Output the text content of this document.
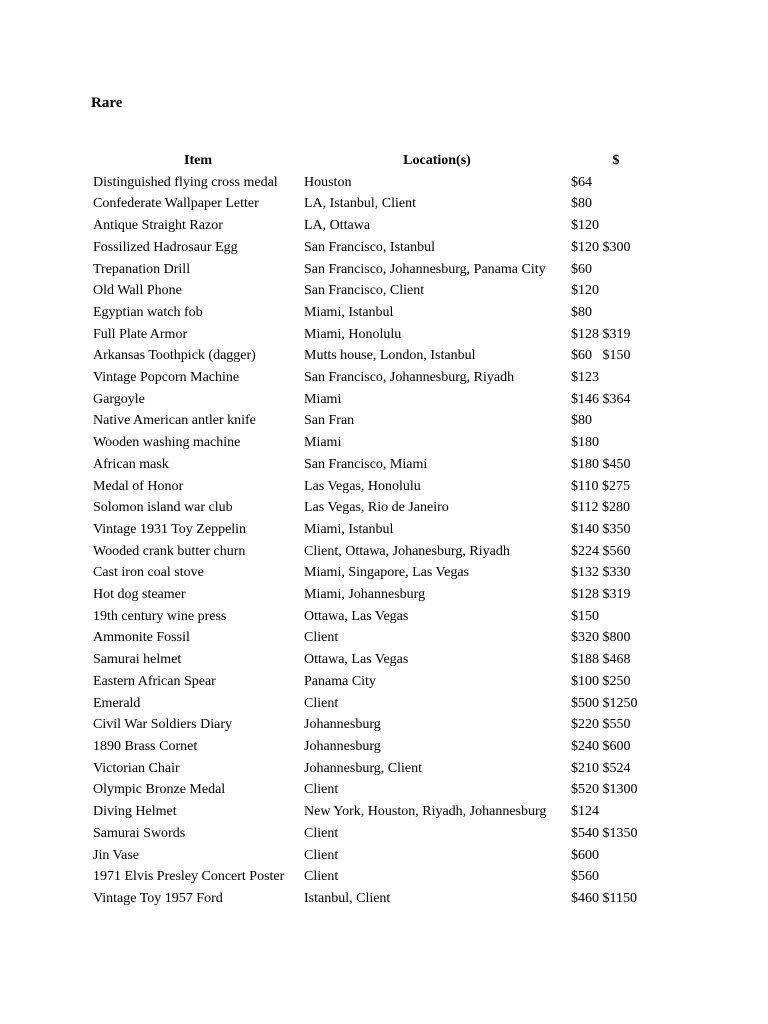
Rare
Item	Location(s)	$
Distinguished flying cross medal	Houston	$64
Confederate Wallpaper Letter	LA, Istanbul, Client	$80
Antique Straight Razor	LA, Ottawa	$120
Fossilized Hadrosaur Egg	San Francisco, Istanbul	$120 $300
Trepanation Drill	San Francisco, Johannesburg, Panama City	$60
Old Wall Phone	San Francisco, Client	$120
Egyptian watch fob	Miami, Istanbul	$80
Full Plate Armor	Miami, Honolulu	$128 $319
Arkansas Toothpick (dagger)	Mutts house, London, Istanbul	$60   $150
Vintage Popcorn Machine	San Francisco, Johannesburg, Riyadh	$123
Gargoyle	Miami	$146 $364
Native American antler knife	San Fran	$80
Wooden washing machine	Miami	$180
African mask	San Francisco, Miami	$180 $450
Medal of Honor	Las Vegas, Honolulu	$110 $275
Solomon island war club	Las Vegas, Rio de Janeiro	$112 $280
Vintage 1931 Toy Zeppelin	Miami, Istanbul	$140 $350
Wooded crank butter churn	Client, Ottawa, Johanesburg, Riyadh	$224 $560
Cast iron coal stove	Miami, Singapore, Las Vegas	$132 $330
Hot dog steamer	Miami, Johannesburg	$128 $319
19th century wine press	Ottawa, Las Vegas	$150
Ammonite Fossil	Client	$320 $800
Samurai helmet	Ottawa, Las Vegas	$188 $468
Eastern African Spear	Panama City	$100 $250
Emerald	Client	$500 $1250
Civil War Soldiers Diary	Johannesburg	$220 $550
1890 Brass Cornet	Johannesburg	$240 $600
Victorian Chair	Johannesburg, Client	$210 $524
Olympic Bronze Medal	Client	$520 $1300
Diving Helmet	New York, Houston, Riyadh, Johannesburg	$124
Samurai Swords	Client	$540 $1350
Jin Vase	Client	$600
1971 Elvis Presley Concert Poster	Client	$560
Vintage Toy 1957 Ford	Istanbul, Client	$460 $1150
